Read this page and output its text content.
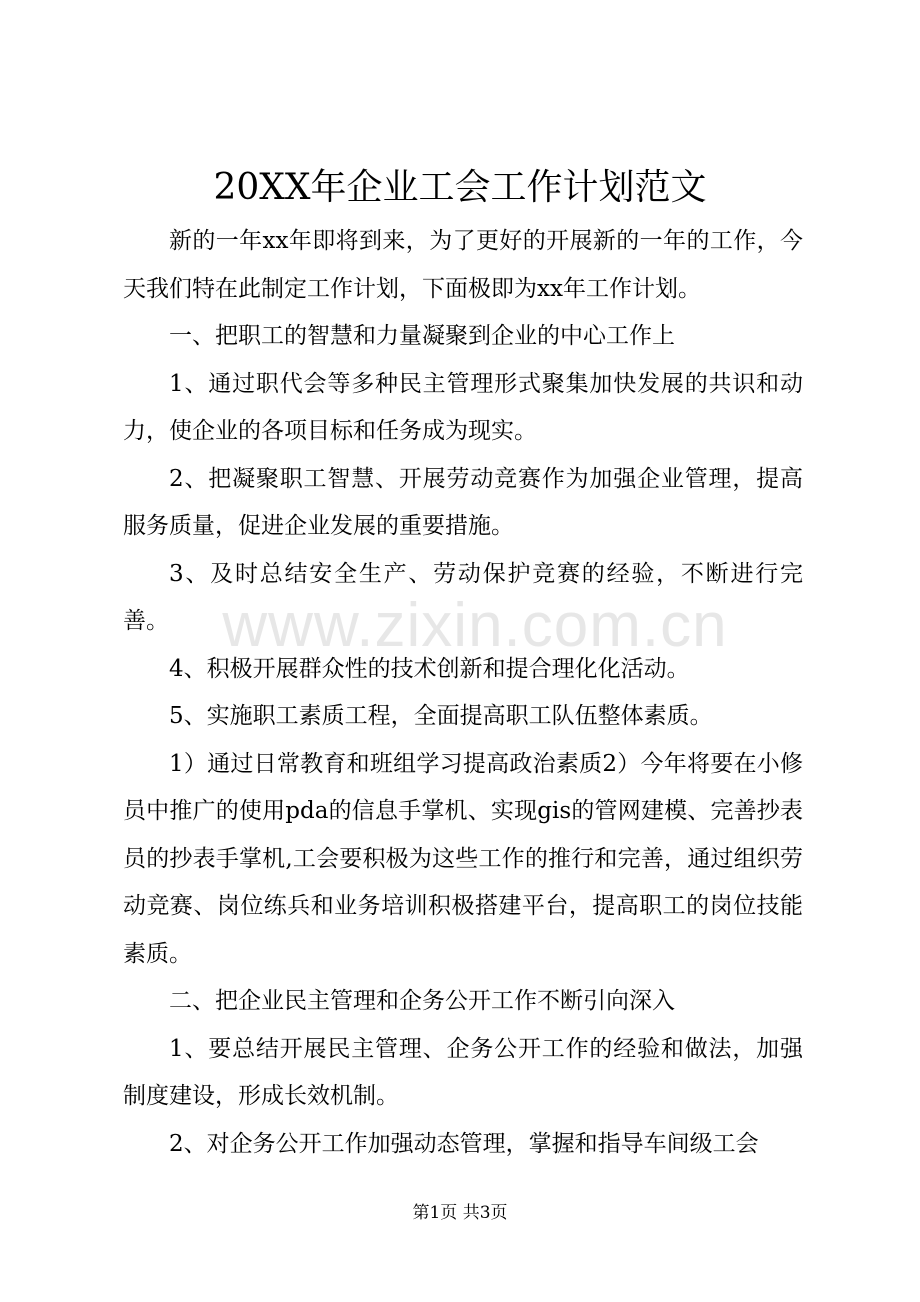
20XX年企业工会工作计划范文
www.zixin.com.cn

新的一年xx年即将到来，为了更好的开展新的一年的工作，今天我们特在此制定工作计划，下面极即为xx年工作计划。

一、把职工的智慧和力量凝聚到企业的中心工作上

1、通过职代会等多种民主管理形式聚集加快发展的共识和动力，使企业的各项目标和任务成为现实。

2、把凝聚职工智慧、开展劳动竞赛作为加强企业管理，提高服务质量，促进企业发展的重要措施。

3、及时总结安全生产、劳动保护竞赛的经验，不断进行完善。

4、积极开展群众性的技术创新和提合理化化活动。

5、实施职工素质工程，全面提高职工队伍整体素质。

1）通过日常教育和班组学习提高政治素质2）今年将要在小修员中推广的使用pda的信息手掌机、实现gis的管网建模、完善抄表员的抄表手掌机,工会要积极为这些工作的推行和完善，通过组织劳动竞赛、岗位练兵和业务培训积极搭建平台，提高职工的岗位技能素质。

二、把企业民主管理和企务公开工作不断引向深入

1、要总结开展民主管理、企务公开工作的经验和做法，加强制度建设，形成长效机制。

2、对企务公开工作加强动态管理，掌握和指导车间级工会

第1页 共3页
